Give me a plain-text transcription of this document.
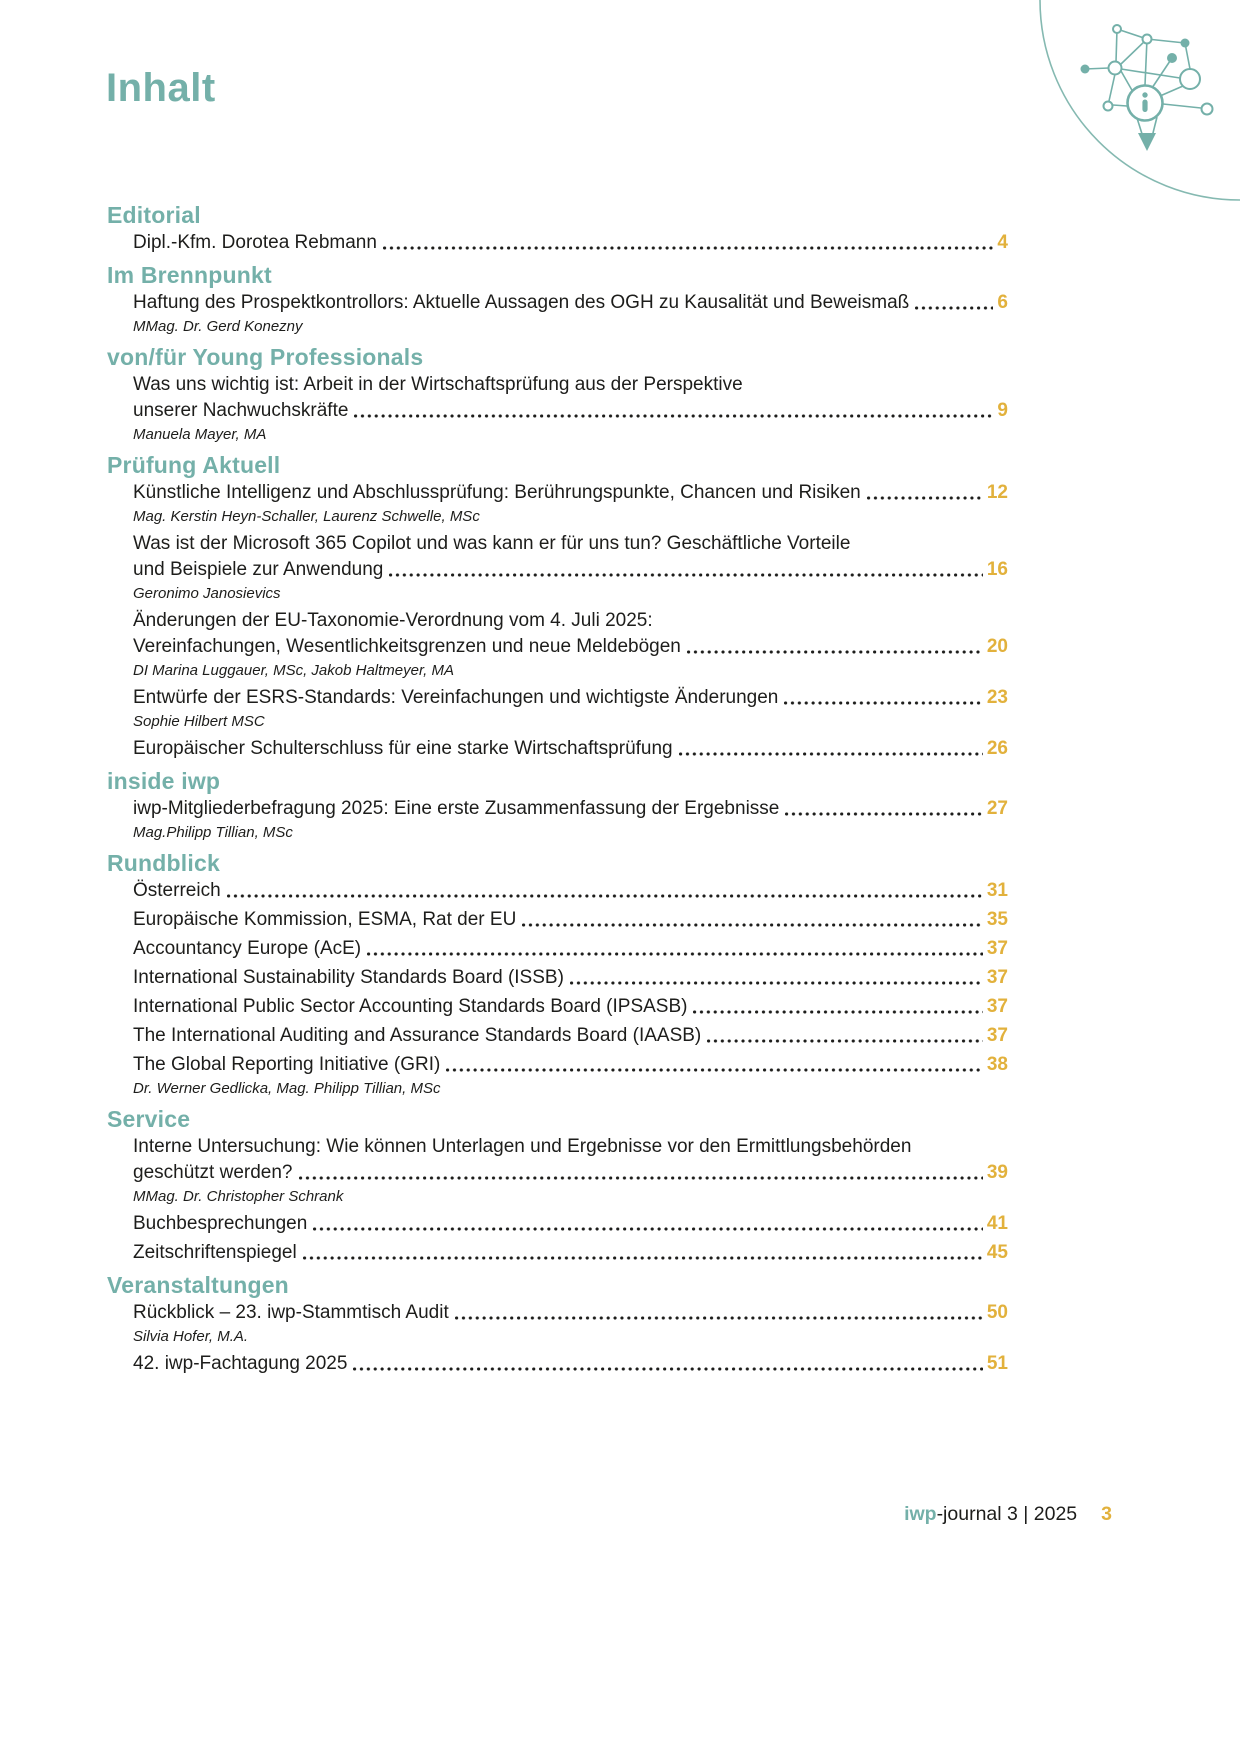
Inhalt
Editorial
Dipl.-Kfm. Dorotea Rebmann	4
Im Brennpunkt
Haftung des Prospektkontrollors: Aktuelle Aussagen des OGH zu Kausalität und Beweismaß	6
MMag. Dr. Gerd Konezny
von/für Young Professionals
Was uns wichtig ist: Arbeit in der Wirtschaftsprüfung aus der Perspektive
unserer Nachwuchskräfte	9
Manuela Mayer, MA
Prüfung Aktuell
Künstliche Intelligenz und Abschlussprüfung: Berührungspunkte, Chancen und Risiken	12
Mag. Kerstin Heyn-Schaller, Laurenz Schwelle, MSc
Was ist der Microsoft 365 Copilot und was kann er für uns tun? Geschäftliche Vorteile
und Beispiele zur Anwendung	16
Geronimo Janosievics
Änderungen der EU-Taxonomie-Verordnung vom 4. Juli 2025:
Vereinfachungen, Wesentlichkeitsgrenzen und neue Meldebögen	20
DI Marina Luggauer, MSc, Jakob Haltmeyer, MA
Entwürfe der ESRS-Standards: Vereinfachungen und wichtigste Änderungen	23
Sophie Hilbert MSC
Europäischer Schulterschluss für eine starke Wirtschaftsprüfung	26
inside iwp
iwp-Mitgliederbefragung 2025: Eine erste Zusammenfassung der Ergebnisse	27
Mag.Philipp Tillian, MSc
Rundblick
Österreich	31
Europäische Kommission, ESMA, Rat der EU	35
Accountancy Europe (AcE)	37
International Sustainability Standards Board (ISSB)	37
International Public Sector Accounting Standards Board (IPSASB)	37
The International Auditing and Assurance Standards Board (IAASB)	37
The Global Reporting Initiative (GRI)	38
Dr. Werner Gedlicka, Mag. Philipp Tillian, MSc
Service
Interne Untersuchung: Wie können Unterlagen und Ergebnisse vor den Ermittlungsbehörden
geschützt werden?	39
MMag. Dr. Christopher Schrank
Buchbesprechungen	41
Zeitschriftenspiegel	45
Veranstaltungen
Rückblick – 23. iwp-Stammtisch Audit	50
Silvia Hofer, M.A.
42. iwp-Fachtagung 2025	51
iwp-journal 3 | 2025 3
